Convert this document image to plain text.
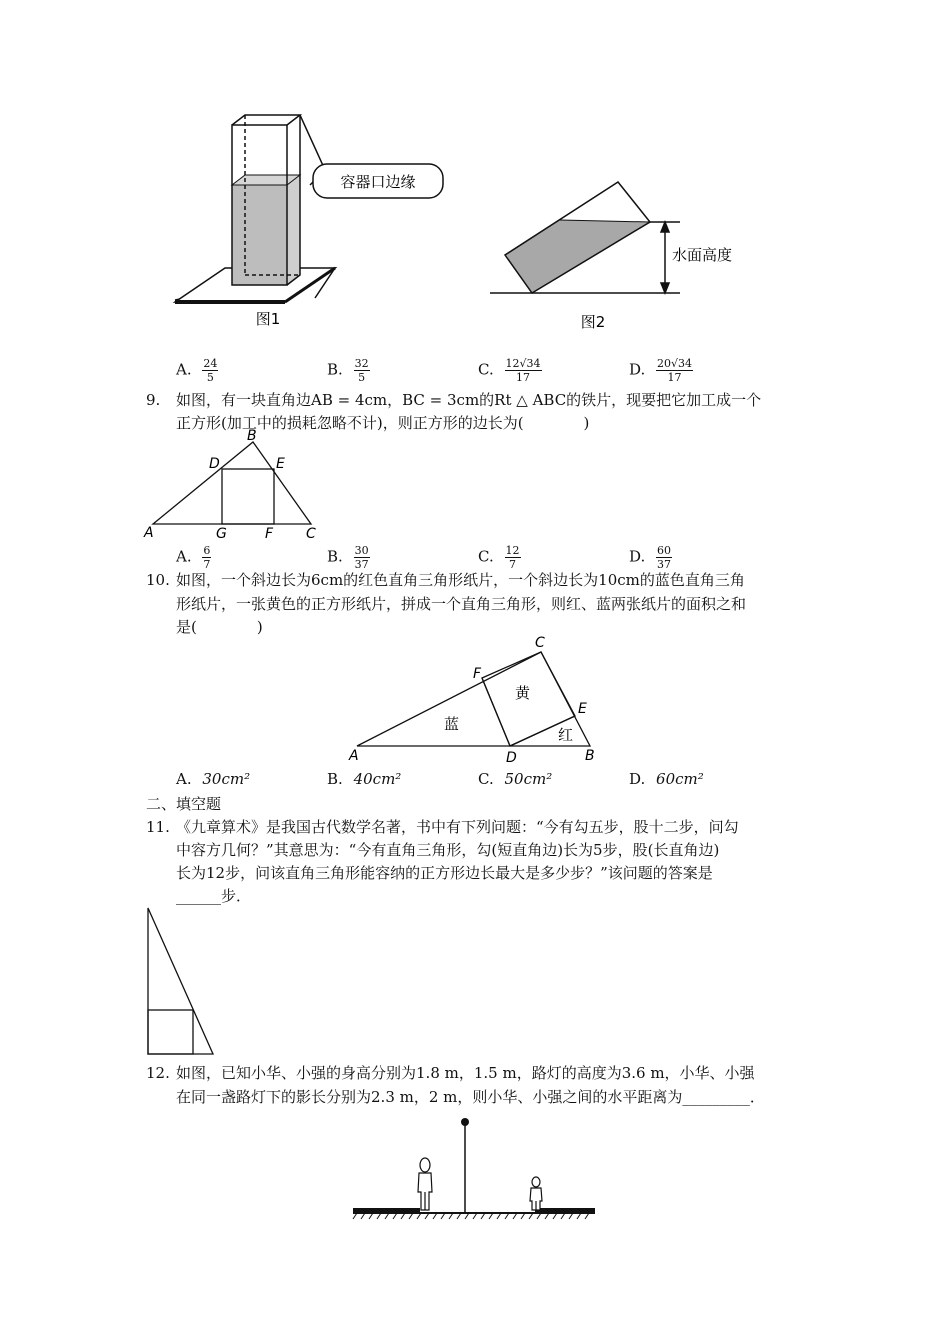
容器口边缘
图1
水面高度
图2
A. $\frac{24}{5}$	B. $\frac{32}{5}$	C. $\frac{12√34}{17}$	D. $\frac{20√34}{17}$
9. 如图，有一块直角边AB = 4cm，BC = 3cm的Rt △ ABC的铁片，现要把它加工成一个
正方形(加工中的损耗忽略不计)，则正方形的边长为(　　　　)
B
D	E
A	G	F C
A. $\frac{6}{7}$	B. $\frac{30}{37}$	C. $\frac{12}{7}$	D. $\frac{60}{37}$
10. 如图，一个斜边长为6cm的红色直角三角形纸片，一个斜边长为10cm的蓝色直角三角
形纸片，一张黄色的正方形纸片，拼成一个直角三角形，则红、蓝两张纸片的面积之和
是(　　　　)
C
F
E
A	D	B
黄
蓝
红
A. 30cm²	B. 40cm²	C. 50cm²	D. 60cm²
二、填空题
11. 《九章算术》是我国古代数学名著，书中有下列问题：“今有勾五步，股十二步，问勾
中容方几何？”其意思为：“今有直角三角形，勾(短直角边)长为5步，股(长直角边)
长为12步，问该直角三角形能容纳的正方形边长最大是多少步？”该问题的答案是
______步．
12. 如图，已知小华、小强的身高分别为1.8 m，1.5 m，路灯的高度为3.6 m，小华、小强
在同一盏路灯下的影长分别为2.3 m，2 m，则小华、小强之间的水平距离为_________．
